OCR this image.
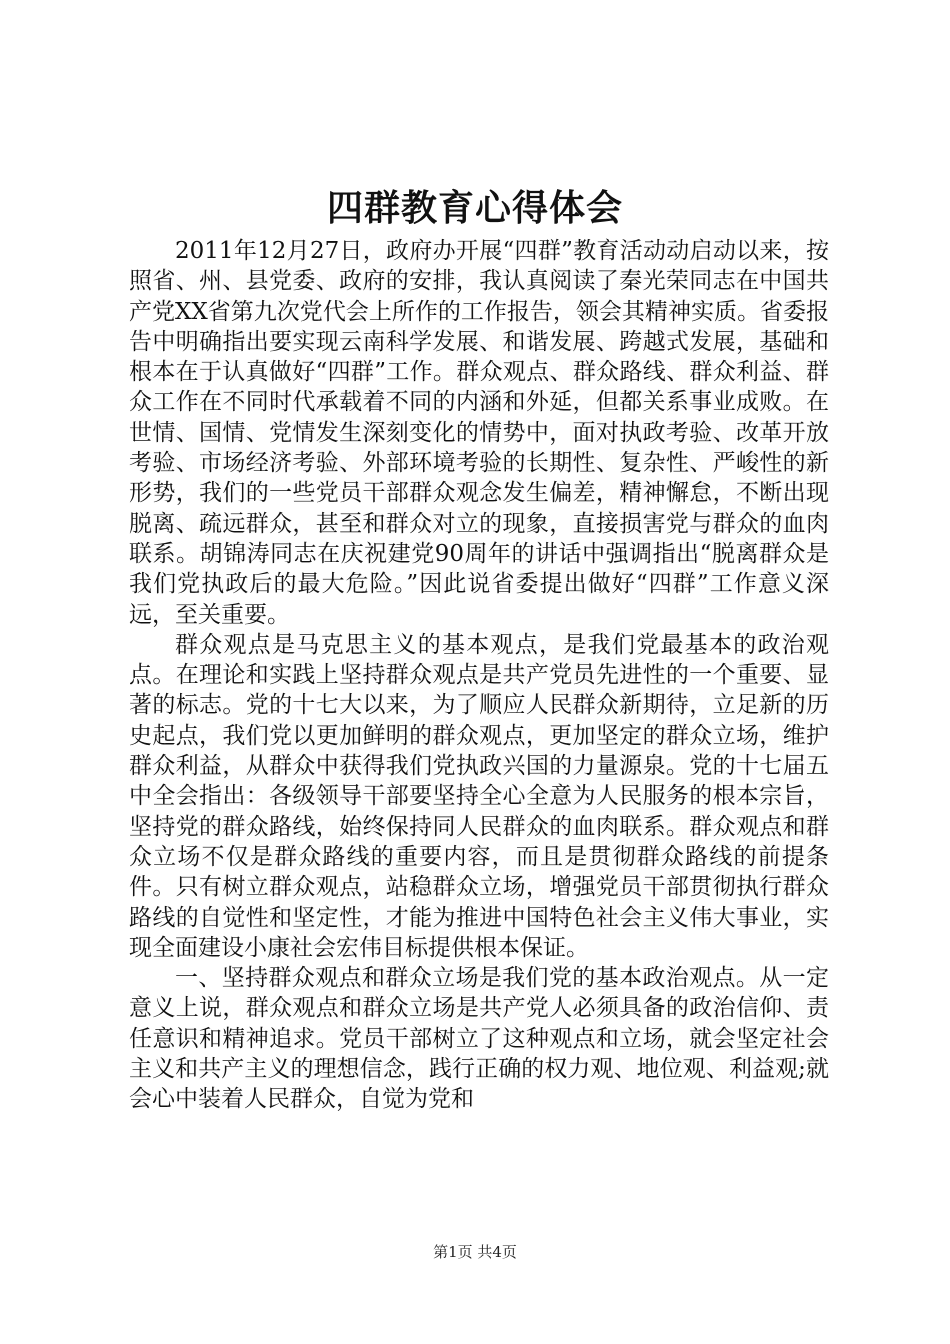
四群教育心得体会

2011年12月27日，政府办开展“四群”教育活动动启动以来，按照省、州、县党委、政府的安排，我认真阅读了秦光荣同志在中国共产党XX省第九次党代会上所作的工作报告，领会其精神实质。省委报告中明确指出要实现云南科学发展、和谐发展、跨越式发展，基础和根本在于认真做好“四群”工作。群众观点、群众路线、群众利益、群众工作在不同时代承载着不同的内涵和外延，但都关系事业成败。在世情、国情、党情发生深刻变化的情势中，面对执政考验、改革开放考验、市场经济考验、外部环境考验的长期性、复杂性、严峻性的新形势，我们的一些党员干部群众观念发生偏差，精神懈怠，不断出现脱离、疏远群众，甚至和群众对立的现象，直接损害党与群众的血肉联系。胡锦涛同志在庆祝建党90周年的讲话中强调指出“脱离群众是我们党执政后的最大危险。”因此说省委提出做好“四群”工作意义深远，至关重要。

群众观点是马克思主义的基本观点，是我们党最基本的政治观点。在理论和实践上坚持群众观点是共产党员先进性的一个重要、显著的标志。党的十七大以来，为了顺应人民群众新期待，立足新的历史起点，我们党以更加鲜明的群众观点，更加坚定的群众立场，维护群众利益，从群众中获得我们党执政兴国的力量源泉。党的十七届五中全会指出：各级领导干部要坚持全心全意为人民服务的根本宗旨，坚持党的群众路线，始终保持同人民群众的血肉联系。群众观点和群众立场不仅是群众路线的重要内容，而且是贯彻群众路线的前提条件。只有树立群众观点，站稳群众立场，增强党员干部贯彻执行群众路线的自觉性和坚定性，才能为推进中国特色社会主义伟大事业，实现全面建设小康社会宏伟目标提供根本保证。

一、坚持群众观点和群众立场是我们党的基本政治观点。从一定意义上说，群众观点和群众立场是共产党人必须具备的政治信仰、责任意识和精神追求。党员干部树立了这种观点和立场，就会坚定社会主义和共产主义的理想信念，践行正确的权力观、地位观、利益观;就会心中装着人民群众，自觉为党和

第1页 共4页
